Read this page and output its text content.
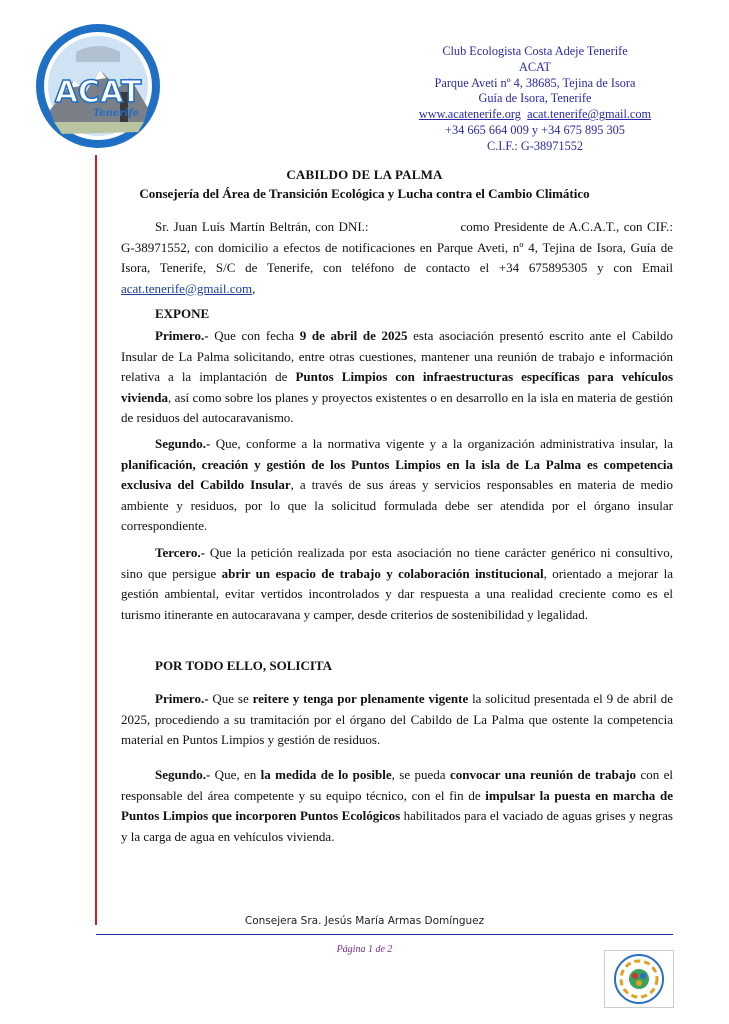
ACAT
Tenerife
Club Ecologista Costa Adeje Tenerife
ACAT
Parque Aveti nº 4, 38685, Tejina de Isora
Guía de Isora, Tenerife
www.acatenerife.org acat.tenerife@gmail.com
+34 665 664 009 y +34 675 895 305
C.I.F.: G-38971552
CABILDO DE LA PALMA
Consejería del Área de Transición Ecológica y Lucha contra el Cambio Climático
Sr. Juan Luís Martín Beltrán, con DNI.:	como Presidente de A.C.A.T., con CIF.: G-38971552, con domicilio a efectos de notificaciones en Parque Aveti, nº 4, Tejina de Isora, Guía de Isora, Tenerife, S/C de Tenerife, con teléfono de contacto el +34 675895305 y con Email acat.tenerife@gmail.com,
EXPONE
Primero.- Que con fecha 9 de abril de 2025 esta asociación presentó escrito ante el Cabildo Insular de La Palma solicitando, entre otras cuestiones, mantener una reunión de trabajo e información relativa a la implantación de Puntos Limpios con infraestructuras específicas para vehículos vivienda, así como sobre los planes y proyectos existentes o en desarrollo en la isla en materia de gestión de residuos del autocaravanismo.
Segundo.- Que, conforme a la normativa vigente y a la organización administrativa insular, la planificación, creación y gestión de los Puntos Limpios en la isla de La Palma es competencia exclusiva del Cabildo Insular, a través de sus áreas y servicios responsables en materia de medio ambiente y residuos, por lo que la solicitud formulada debe ser atendida por el órgano insular correspondiente.
Tercero.- Que la petición realizada por esta asociación no tiene carácter genérico ni consultivo, sino que persigue abrir un espacio de trabajo y colaboración institucional, orientado a mejorar la gestión ambiental, evitar vertidos incontrolados y dar respuesta a una realidad creciente como es el turismo itinerante en autocaravana y camper, desde criterios de sostenibilidad y legalidad.
POR TODO ELLO, SOLICITA
Primero.- Que se reitere y tenga por plenamente vigente la solicitud presentada el 9 de abril de 2025, procediendo a su tramitación por el órgano del Cabildo de La Palma que ostente la competencia material en Puntos Limpios y gestión de residuos.
Segundo.- Que, en la medida de lo posible, se pueda convocar una reunión de trabajo con el responsable del área competente y su equipo técnico, con el fin de impulsar la puesta en marcha de Puntos Limpios que incorporen Puntos Ecológicos habilitados para el vaciado de aguas grises y negras y la carga de agua en vehículos vivienda.
Consejera Sra. Jesús María Armas Domínguez
Página 1 de 2
